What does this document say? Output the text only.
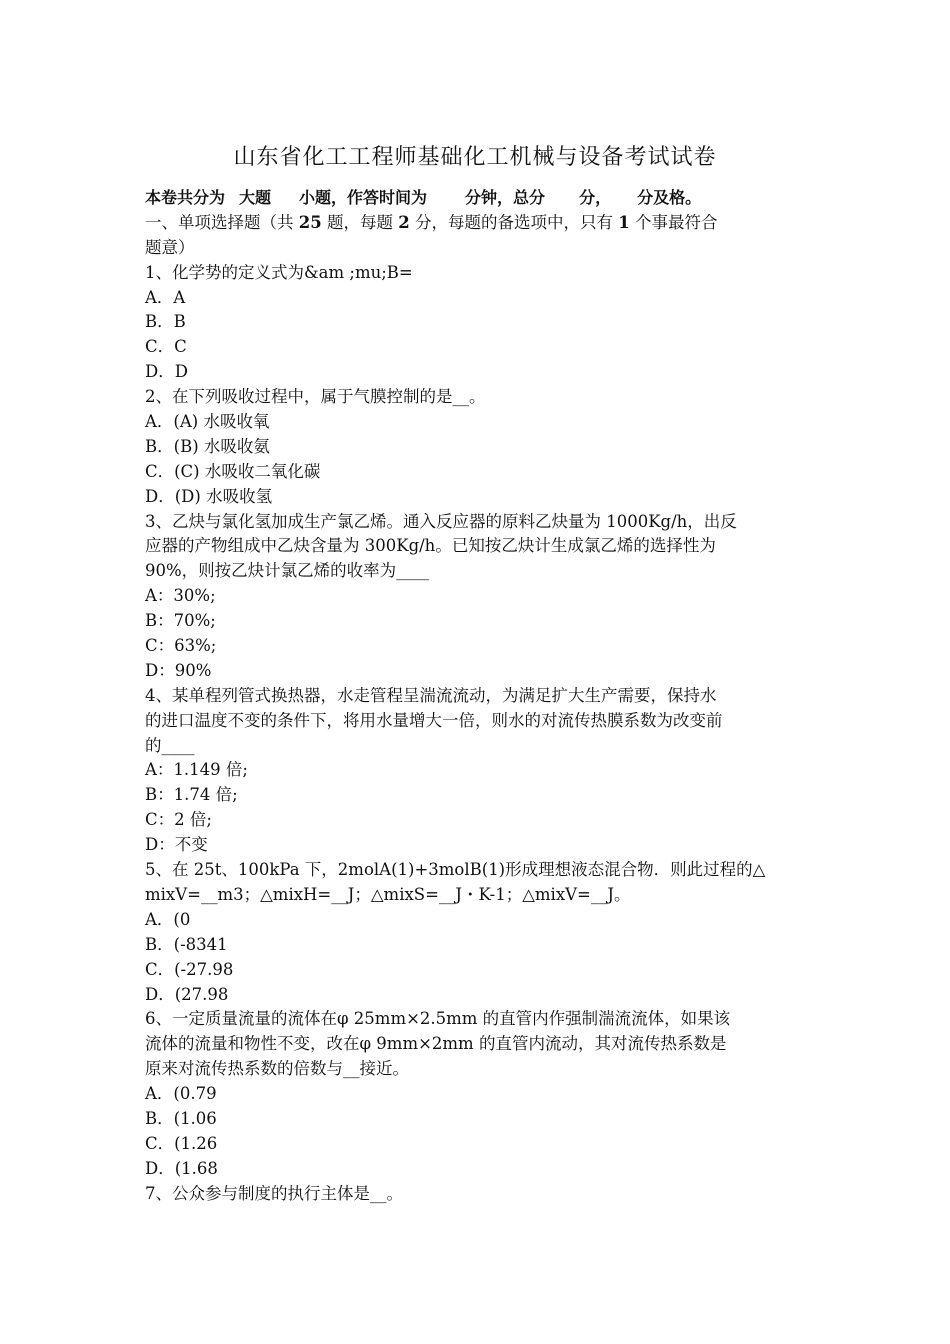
山东省化工工程师基础化工机械与设备考试试卷
本卷共分为 大题 小题，作答时间为 分钟，总分 分， 分及格。
一、单项选择题（共 25 题，每题 2 分，每题的备选项中，只有 1 个事最符合
题意）
1、化学势的定义式为&am ;mu;B=
A．A
B．B
C．C
D．D
2、在下列吸收过程中，属于气膜控制的是__。
A．(A) 水吸收氧
B．(B) 水吸收氨
C．(C) 水吸收二氧化碳
D．(D) 水吸收氢
3、乙炔与氯化氢加成生产氯乙烯。通入反应器的原料乙炔量为 1000Kg/h，出反
应器的产物组成中乙炔含量为 300Kg/h。已知按乙炔计生成氯乙烯的选择性为
90%，则按乙炔计氯乙烯的收率为____
A：30%;
B：70%;
C：63%;
D：90%
4、某单程列管式换热器，水走管程呈湍流流动，为满足扩大生产需要，保持水
的进口温度不变的条件下，将用水量增大一倍，则水的对流传热膜系数为改变前
的____
A：1.149 倍;
B：1.74 倍;
C：2 倍;
D：不变
5、在 25t、100kPa 下，2molA(1)+3molB(1)形成理想液态混合物．则此过程的△
mixV=__m3；△mixH=__J；△mixS=__J・K-1；△mixV=__J。
A．(0
B．(-8341
C．(-27.98
D．(27.98
6、一定质量流量的流体在φ 25mm×2.5mm 的直管内作强制湍流流体，如果该
流体的流量和物性不变，改在φ 9mm×2mm 的直管内流动，其对流传热系数是
原来对流传热系数的倍数与__接近。
A．(0.79
B．(1.06
C．(1.26
D．(1.68
7、公众参与制度的执行主体是__。
